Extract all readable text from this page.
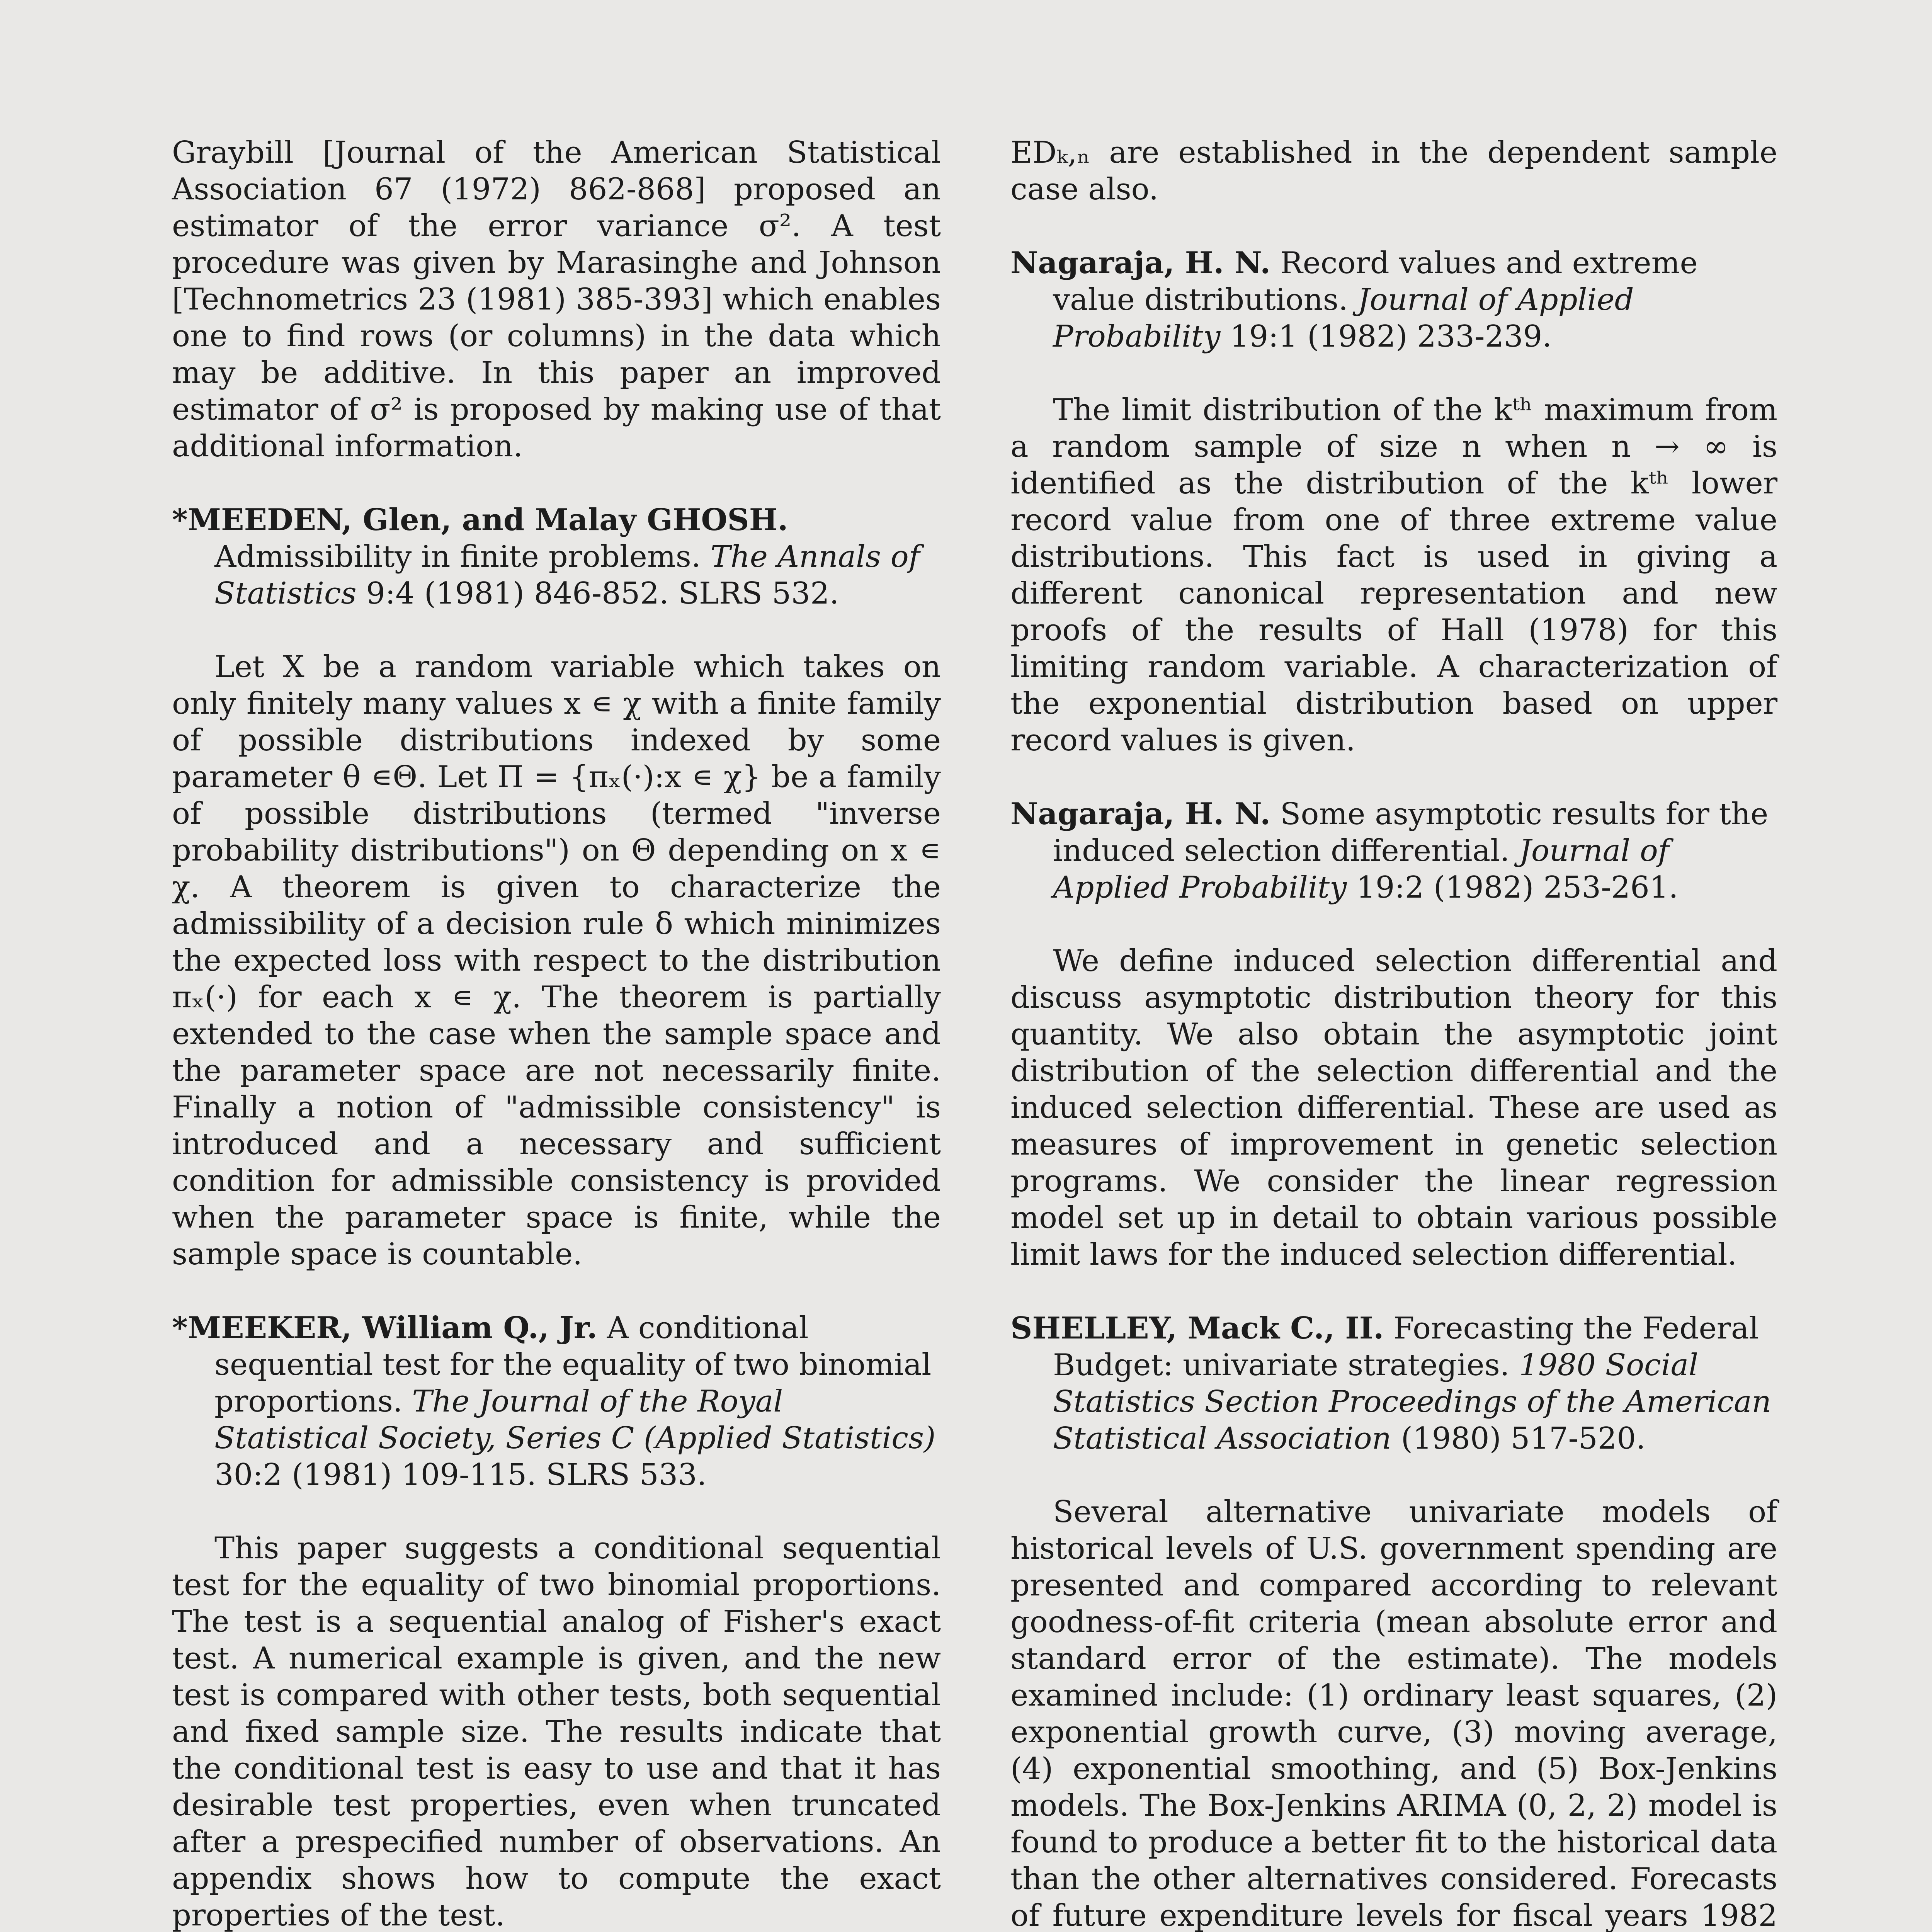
Graybill [Journal of the American Statistical Association 67 (1972) 862-868] proposed an estimator of the error variance σ². A test procedure was given by Marasinghe and Johnson [Technometrics 23 (1981) 385-393] which enables one to find rows (or columns) in the data which may be additive. In this paper an improved estimator of σ² is proposed by making use of that additional information.

*MEEDEN, Glen, and Malay GHOSH. Admissibility in finite problems. The Annals of Statistics 9:4 (1981) 846-852. SLRS 532.

Let X be a random variable which takes on only finitely many values x ∊ χ with a finite family of possible distributions indexed by some parameter θ ∊Θ. Let Π = {πₓ(·):x ∊ χ} be a family of possible distributions (termed "inverse probability distributions") on Θ depending on x ∊ χ. A theorem is given to characterize the admissibility of a decision rule δ which minimizes the expected loss with respect to the distribution πₓ(·) for each x ∊ χ. The theorem is partially extended to the case when the sample space and the parameter space are not necessarily finite. Finally a notion of "admissible consistency" is introduced and a necessary and sufficient condition for admissible consistency is provided when the parameter space is finite, while the sample space is countable.

*MEEKER, William Q., Jr. A conditional sequential test for the equality of two binomial proportions. The Journal of the Royal Statistical Society, Series C (Applied Statistics) 30:2 (1981) 109-115. SLRS 533.

This paper suggests a conditional sequential test for the equality of two binomial proportions. The test is a sequential analog of Fisher's exact test. A numerical example is given, and the new test is compared with other tests, both sequential and fixed sample size. The results indicate that the conditional test is easy to use and that it has desirable test properties, even when truncated after a prespecified number of observations. An appendix shows how to compute the exact properties of the test.

EDₖ,ₙ are established in the dependent sample case also.

Nagaraja, H. N. Record values and extreme value distributions. Journal of Applied Probability 19:1 (1982) 233-239.

The limit distribution of the kᵗʰ maximum from a random sample of size n when n → ∞ is identified as the distribution of the kᵗʰ lower record value from one of three extreme value distributions. This fact is used in giving a different canonical representation and new proofs of the results of Hall (1978) for this limiting random variable. A characterization of the exponential distribution based on upper record values is given.

Nagaraja, H. N. Some asymptotic results for the induced selection differential. Journal of Applied Probability 19:2 (1982) 253-261.

We define induced selection differential and discuss asymptotic distribution theory for this quantity. We also obtain the asymptotic joint distribution of the selection differential and the induced selection differential. These are used as measures of improvement in genetic selection programs. We consider the linear regression model set up in detail to obtain various possible limit laws for the induced selection differential.

SHELLEY, Mack C., II. Forecasting the Federal Budget: univariate strategies. 1980 Social Statistics Section Proceedings of the American Statistical Association (1980) 517-520.

Several alternative univariate models of historical levels of U.S. government spending are presented and compared according to relevant goodness-of-fit criteria (mean absolute error and standard error of the estimate). The models examined include: (1) ordinary least squares, (2) exponential growth curve, (3) moving average, (4) exponential smoothing, and (5) Box-Jenkins models. The Box-Jenkins ARIMA (0, 2, 2) model is found to produce a better fit to the historical data than the other alternatives considered. Forecasts of future expenditure levels for fiscal years 1982
